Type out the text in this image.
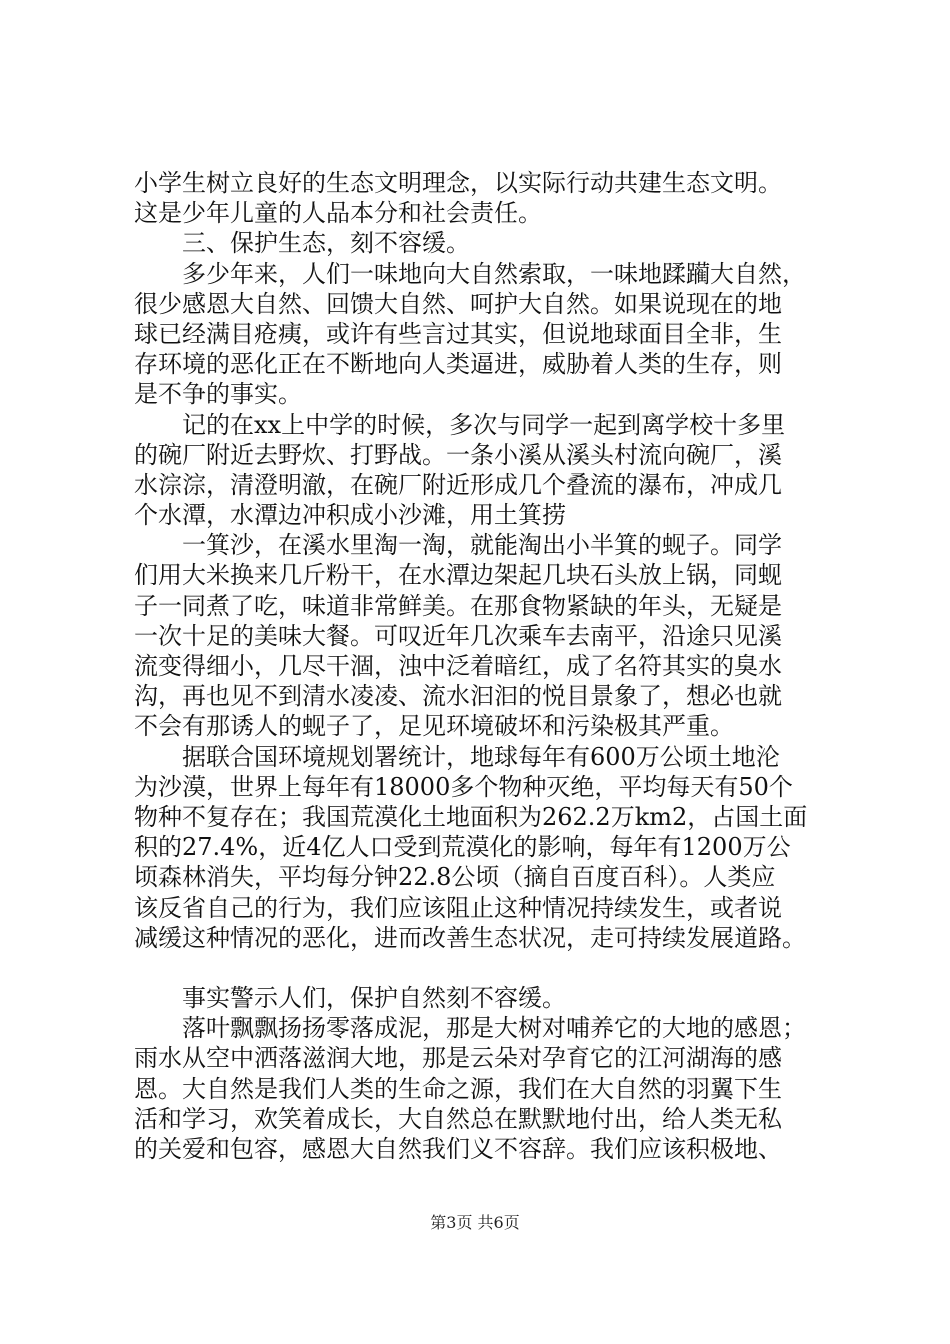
小学生树立良好的生态文明理念，以实际行动共建生态文明。
这是少年儿童的人品本分和社会责任。
三、保护生态，刻不容缓。
多少年来，人们一味地向大自然索取，一味地蹂躏大自然，
很少感恩大自然、回馈大自然、呵护大自然。如果说现在的地
球已经满目疮痍，或许有些言过其实，但说地球面目全非，生
存环境的恶化正在不断地向人类逼进，威胁着人类的生存，则
是不争的事实。
记的在xx上中学的时候，多次与同学一起到离学校十多里
的碗厂附近去野炊、打野战。一条小溪从溪头村流向碗厂，溪
水淙淙，清澄明澈，在碗厂附近形成几个叠流的瀑布，冲成几
个水潭，水潭边冲积成小沙滩，用土箕捞
一箕沙，在溪水里淘一淘，就能淘出小半箕的蚬子。同学
们用大米换来几斤粉干，在水潭边架起几块石头放上锅，同蚬
子一同煮了吃，味道非常鲜美。在那食物紧缺的年头，无疑是
一次十足的美味大餐。可叹近年几次乘车去南平，沿途只见溪
流变得细小，几尽干涸，浊中泛着暗红，成了名符其实的臭水
沟，再也见不到清水凌凌、流水汩汩的悦目景象了，想必也就
不会有那诱人的蚬子了，足见环境破坏和污染极其严重。
据联合国环境规划署统计，地球每年有600万公顷土地沦
为沙漠，世界上每年有18000多个物种灭绝，平均每天有50个
物种不复存在；我国荒漠化土地面积为262.2万km2，占国土面
积的27.4%，近4亿人口受到荒漠化的影响，每年有1200万公
顷森林消失，平均每分钟22.8公顷（摘自百度百科）。人类应
该反省自己的行为，我们应该阻止这种情况持续发生，或者说
减缓这种情况的恶化，进而改善生态状况，走可持续发展道路。
事实警示人们，保护自然刻不容缓。
落叶飘飘扬扬零落成泥，那是大树对哺养它的大地的感恩；
雨水从空中洒落滋润大地，那是云朵对孕育它的江河湖海的感
恩。大自然是我们人类的生命之源，我们在大自然的羽翼下生
活和学习，欢笑着成长，大自然总在默默地付出，给人类无私
的关爱和包容，感恩大自然我们义不容辞。我们应该积极地、
第3页 共6页
